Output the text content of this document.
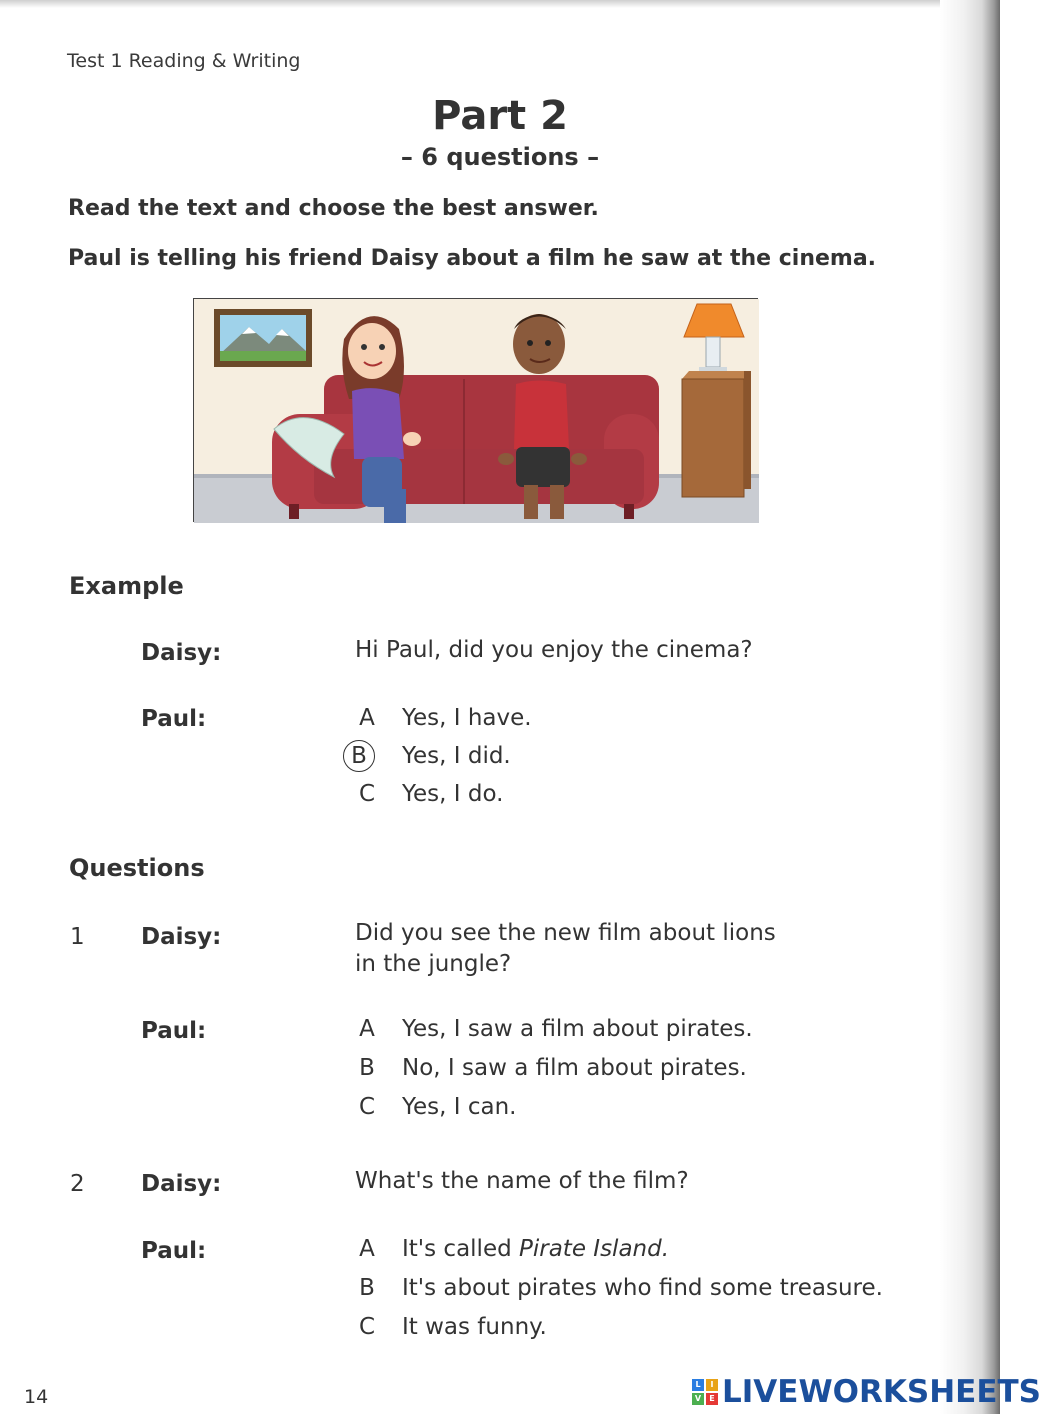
Test 1 Reading & Writing
Part 2
– 6 questions –
Read the text and choose the best answer.
Paul is telling his friend Daisy about a film he saw at the cinema.
Example
Daisy:	Hi Paul, did you enjoy the cinema?
Paul:	A Yes, I have.
B	Yes, I did.
C Yes, I do.
Questions
1 Daisy:	Did you see the new film about lions
in the jungle?
Paul:	A Yes, I saw a film about pirates.
B No, I saw a film about pirates.
C Yes, I can.
2 Daisy:	What's the name of the film?
Paul:	A It's called Pirate Island.
B It's about pirates who find some treasure.
C It was funny.
14
L	I
V	E LIVEWORKSHEETS
